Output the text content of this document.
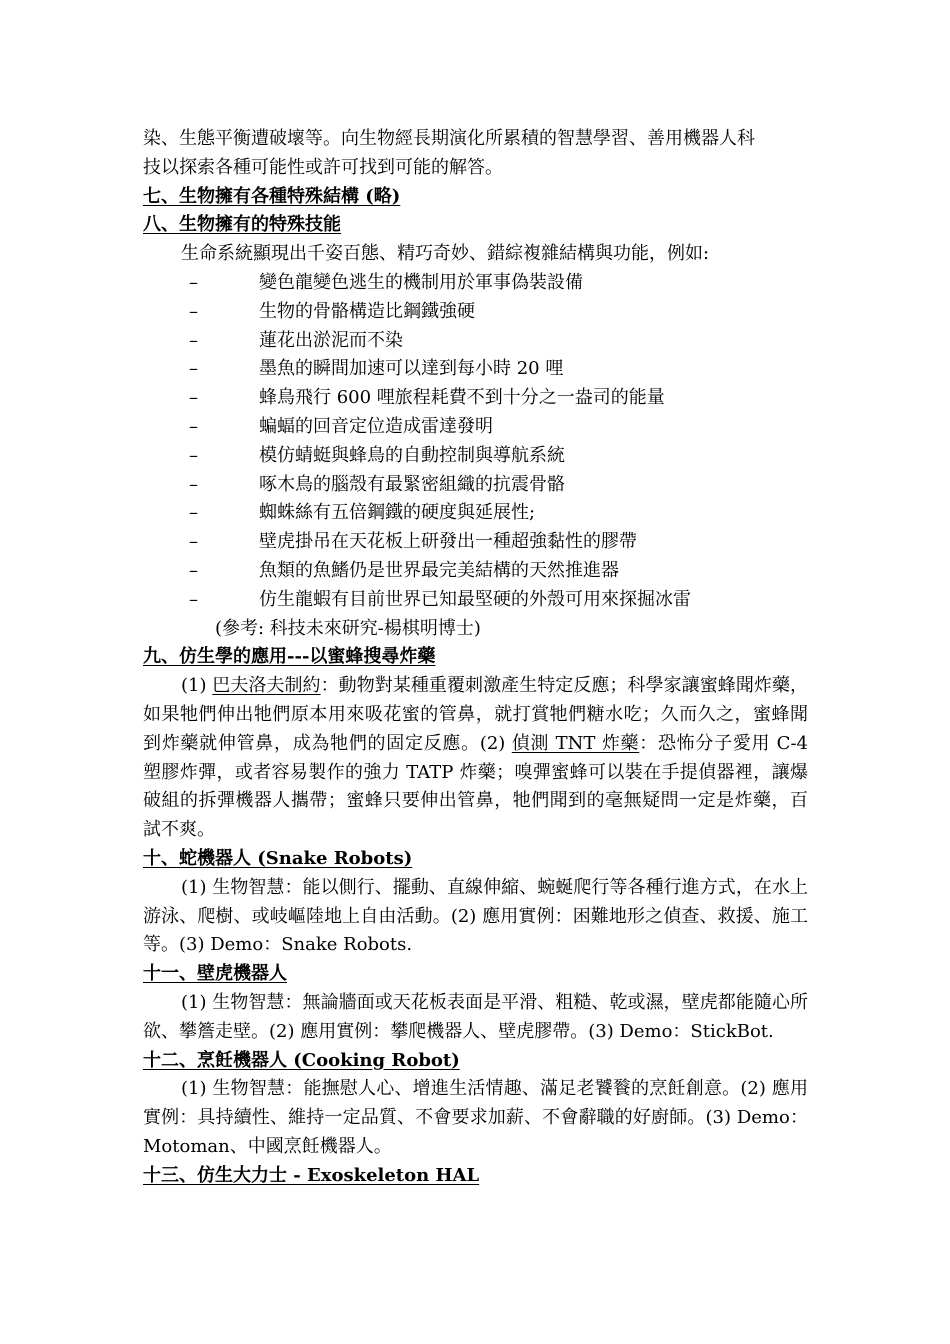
染、生態平衡遭破壞等。向生物經長期演化所累積的智慧學習、善用機器人科
技以探索各種可能性或許可找到可能的解答。
七、生物擁有各種特殊結構 (略)
八、生物擁有的特殊技能
生命系統顯現出千姿百態、精巧奇妙、錯綜複雜結構與功能，例如:
–	變色龍變色逃生的機制用於軍事偽裝設備
–	生物的骨骼構造比鋼鐵強硬
–	蓮花出淤泥而不染
–	墨魚的瞬間加速可以達到每小時 20 哩
–	蜂鳥飛行 600 哩旅程耗費不到十分之一盎司的能量
–	蝙蝠的回音定位造成雷達發明
–	模仿蜻蜓與蜂鳥的自動控制與導航系統
–	啄木鳥的腦殼有最緊密組織的抗震骨骼
–	蜘蛛絲有五倍鋼鐵的硬度與延展性;
–	壁虎掛吊在天花板上研發出一種超強黏性的膠帶
–	魚類的魚鰭仍是世界最完美結構的天然推進器
–	仿生龍蝦有目前世界已知最堅硬的外殼可用來探掘冰雷
(參考: 科技未來研究-楊棋明博士)
九、仿生學的應用---以蜜蜂搜尋炸藥
(1) 巴夫洛夫制約：動物對某種重覆刺激產生特定反應；科學家讓蜜蜂聞炸藥，如果牠們伸出牠們原本用來吸花蜜的管鼻，就打賞牠們糖水吃；久而久之，蜜蜂聞到炸藥就伸管鼻，成為牠們的固定反應。(2) 偵測 TNT 炸藥：恐怖分子愛用 C-4 塑膠炸彈，或者容易製作的強力 TATP 炸藥；嗅彈蜜蜂可以裝在手提偵器裡，讓爆破組的拆彈機器人攜帶；蜜蜂只要伸出管鼻，牠們聞到的毫無疑問一定是炸藥，百試不爽。
十、蛇機器人 (Snake Robots)
(1) 生物智慧：能以側行、擺動、直線伸縮、蜿蜒爬行等各種行進方式，在水上游泳、爬樹、或岐嶇陸地上自由活動。(2) 應用實例：困難地形之偵查、救援、施工等。(3) Demo：Snake Robots.
十一、壁虎機器人
(1) 生物智慧：無論牆面或天花板表面是平滑、粗糙、乾或濕，壁虎都能隨心所欲、攀簷走壁。(2) 應用實例：攀爬機器人、壁虎膠帶。(3) Demo：StickBot.
十二、烹飪機器人 (Cooking Robot)
(1) 生物智慧：能撫慰人心、增進生活情趣、滿足老饕餮的烹飪創意。(2) 應用實例：具持續性、維持一定品質、不會要求加薪、不會辭職的好廚師。(3) Demo：Motoman、中國烹飪機器人。
十三、仿生大力士 - Exoskeleton HAL
